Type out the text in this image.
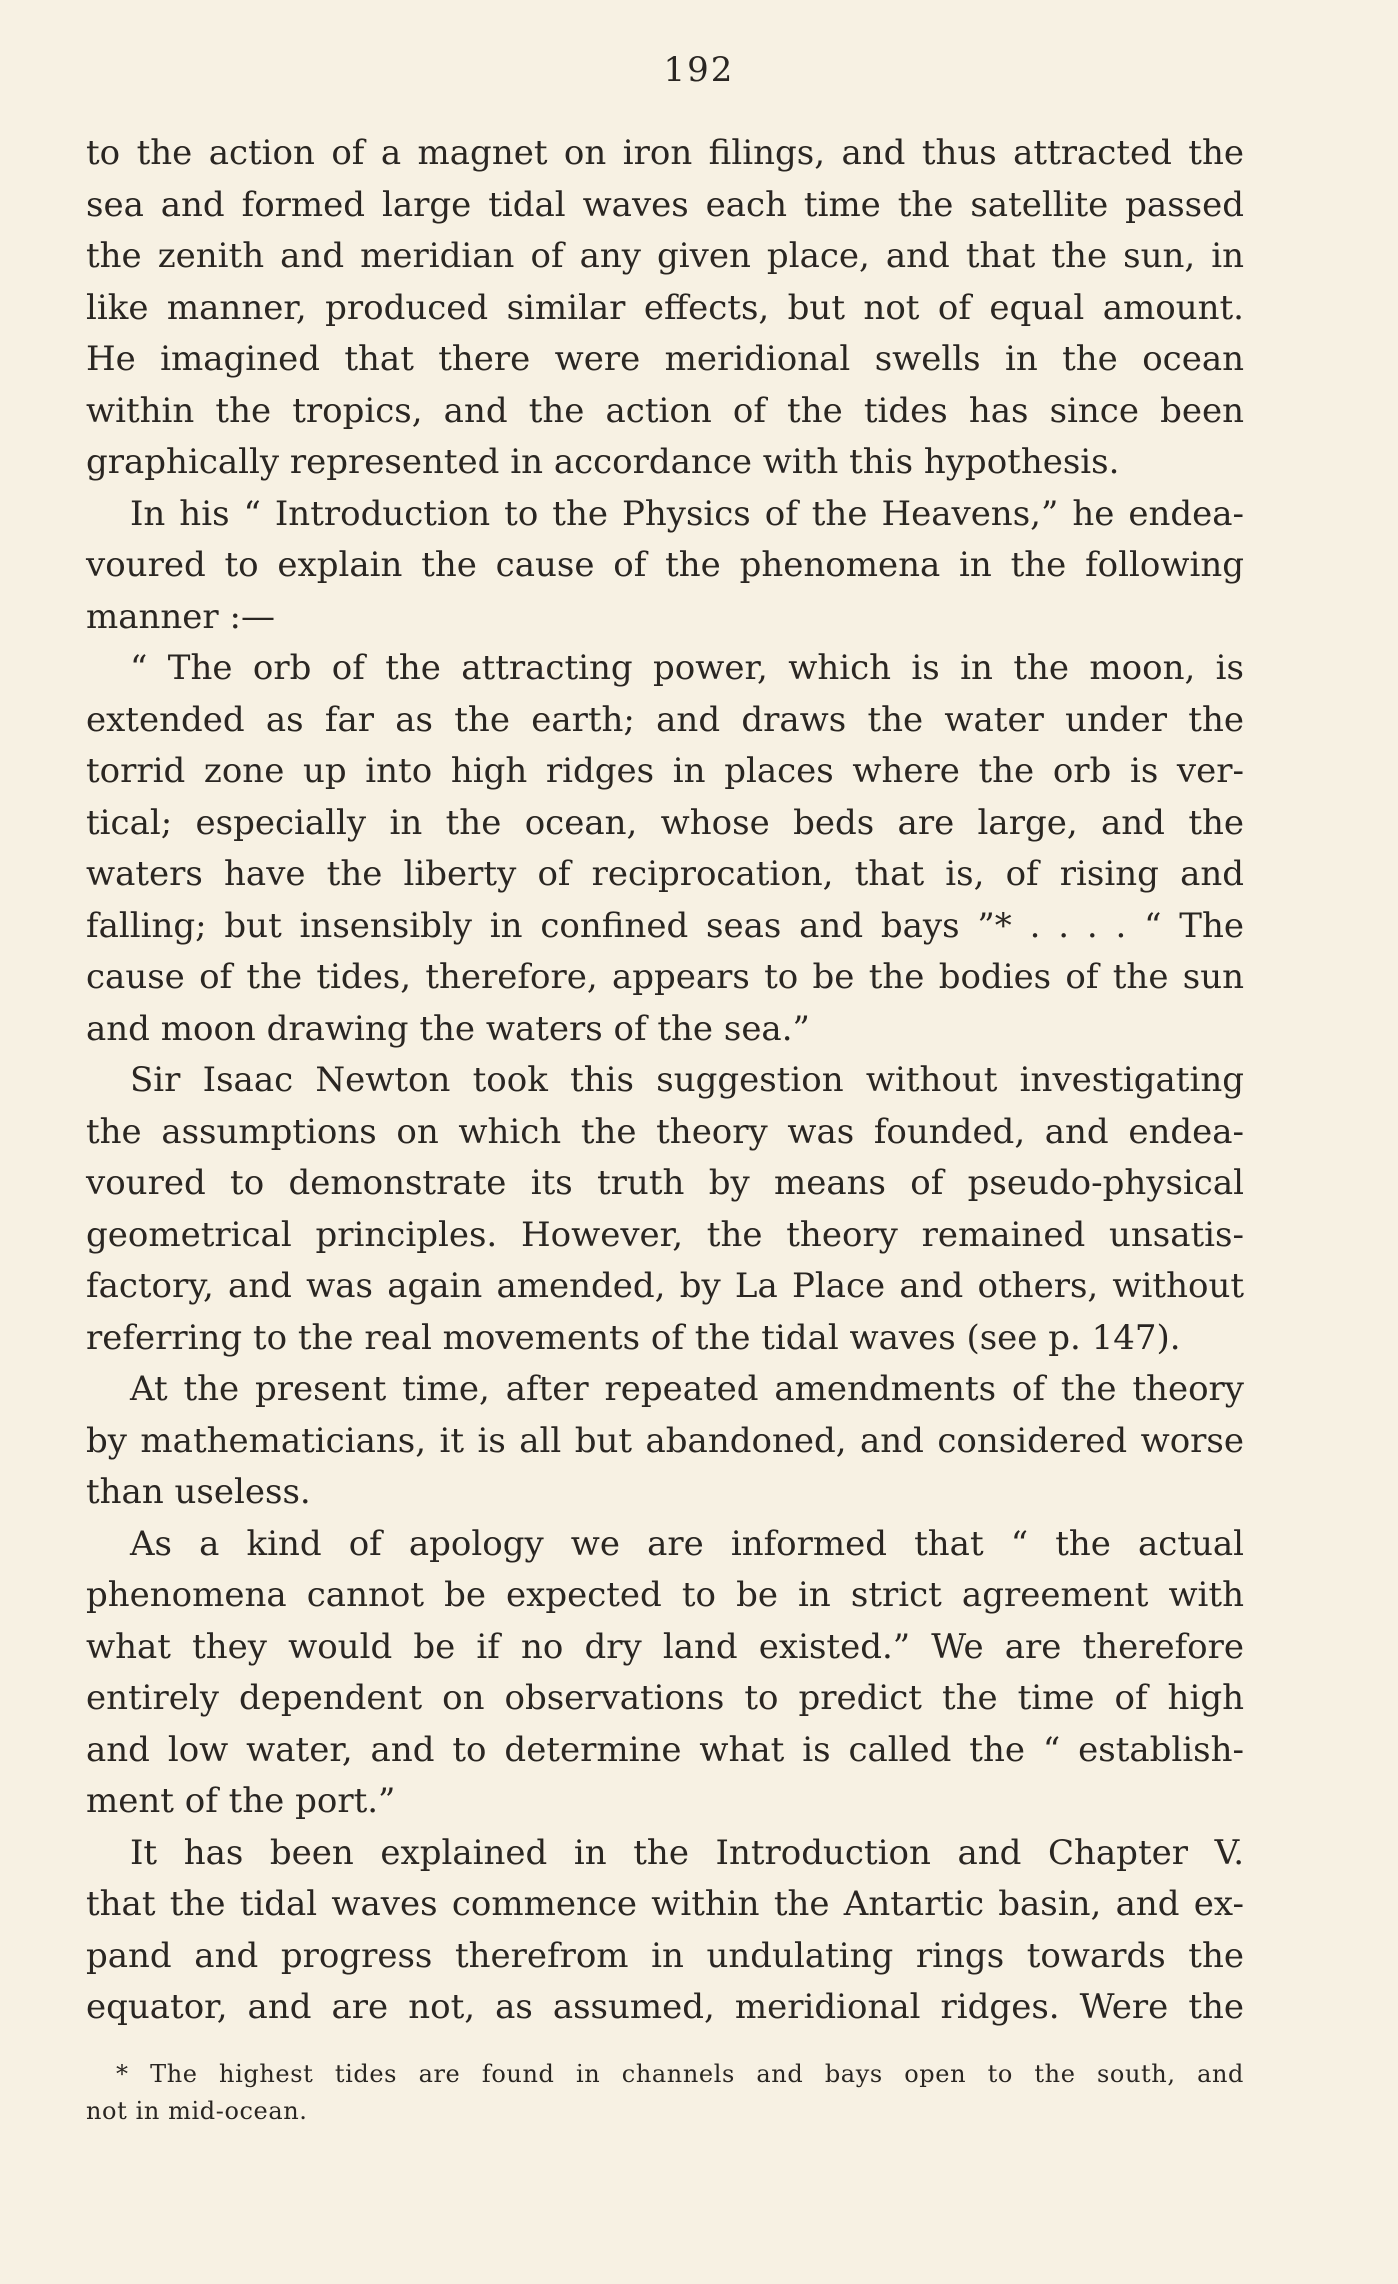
192
to the action of a magnet on iron filings, and thus attracted the
sea and formed large tidal waves each time the satellite passed
the zenith and meridian of any given place, and that the sun, in
like manner, produced similar effects, but not of equal amount.
He imagined that there were meridional swells in the ocean
within the tropics, and the action of the tides has since been
graphically represented in accordance with this hypothesis.
In his “ Introduction to the Physics of the Heavens,” he endea-
voured to explain the cause of the phenomena in the following
manner :—
“ The orb of the attracting power, which is in the moon, is
extended as far as the earth; and draws the water under the
torrid zone up into high ridges in places where the orb is ver-
tical; especially in the ocean, whose beds are large, and the
waters have the liberty of reciprocation, that is, of rising and
falling; but insensibly in confined seas and bays ”* . . . . “ The
cause of the tides, therefore, appears to be the bodies of the sun
and moon drawing the waters of the sea.”
Sir Isaac Newton took this suggestion without investigating
the assumptions on which the theory was founded, and endea-
voured to demonstrate its truth by means of pseudo-physical
geometrical principles. However, the theory remained unsatis-
factory, and was again amended, by La Place and others, without
referring to the real movements of the tidal waves (see p. 147).
At the present time, after repeated amendments of the theory
by mathematicians, it is all but abandoned, and considered worse
than useless.
As a kind of apology we are informed that “ the actual
phenomena cannot be expected to be in strict agreement with
what they would be if no dry land existed.” We are therefore
entirely dependent on observations to predict the time of high
and low water, and to determine what is called the “ establish-
ment of the port.”
It has been explained in the Introduction and Chapter V.
that the tidal waves commence within the Antartic basin, and ex-
pand and progress therefrom in undulating rings towards the
equator, and are not, as assumed, meridional ridges. Were the
* The highest tides are found in channels and bays open to the south, and
not in mid-ocean.
